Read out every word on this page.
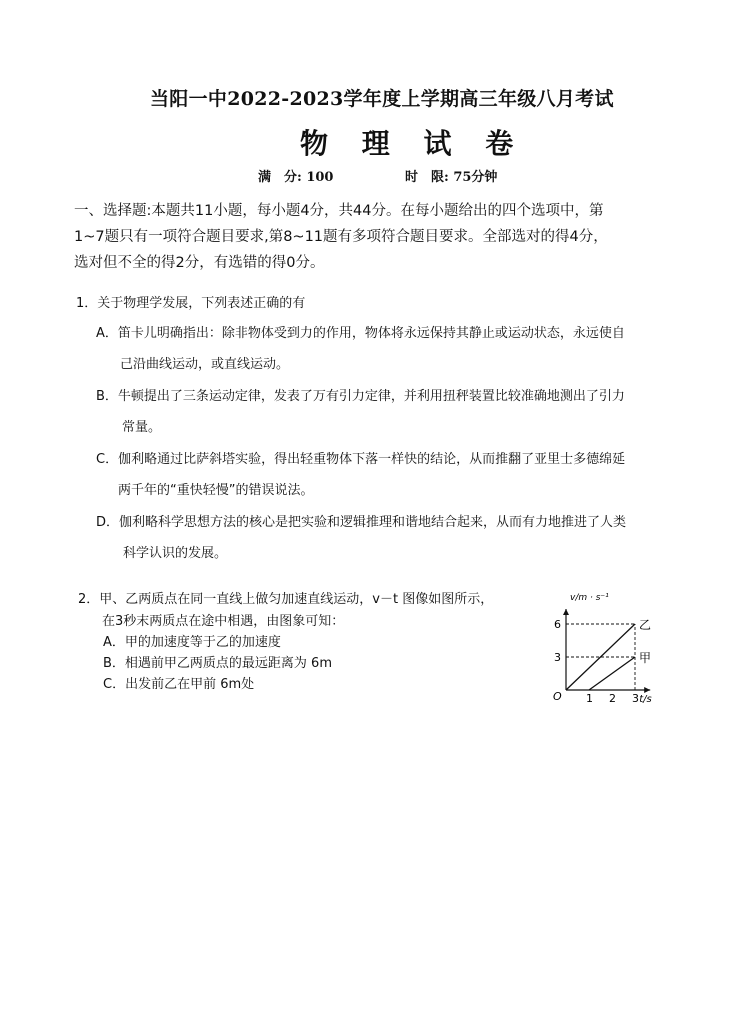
当阳一中2022-2023学年度上学期高三年级八月考试
物 理 试 卷
满　分: 100	时　限: 75分钟
一、选择题:本题共11小题，每小题4分，共44分。在每小题给出的四个选项中，第
1~7题只有一项符合题目要求,第8~11题有多项符合题目要求。全部选对的得4分，
选对但不全的得2分，有选错的得0分。
1．关于物理学发展，下列表述正确的有
A．笛卡儿明确指出：除非物体受到力的作用，物体将永远保持其静止或运动状态，永远使自
己沿曲线运动，或直线运动。
B．牛顿提出了三条运动定律，发表了万有引力定律，并利用扭秤装置比较准确地测出了引力
常量。
C．伽利略通过比萨斜塔实验，得出轻重物体下落一样快的结论，从而推翻了亚里士多德绵延
两千年的“重快轻慢”的错误说法。
D．伽利略科学思想方法的核心是把实验和逻辑推理和谐地结合起来，从而有力地推进了人类
科学认识的发展。
2．甲、乙两质点在同一直线上做匀加速直线运动，v－t 图像如图所示，
在3秒末两质点在途中相遇，由图象可知：
A．甲的加速度等于乙的加速度
B．相遇前甲乙两质点的最远距离为 6m
C．出发前乙在甲前 6m处
乙
甲
1 2 3
3
6
O
v/m · s⁻¹
t/s
